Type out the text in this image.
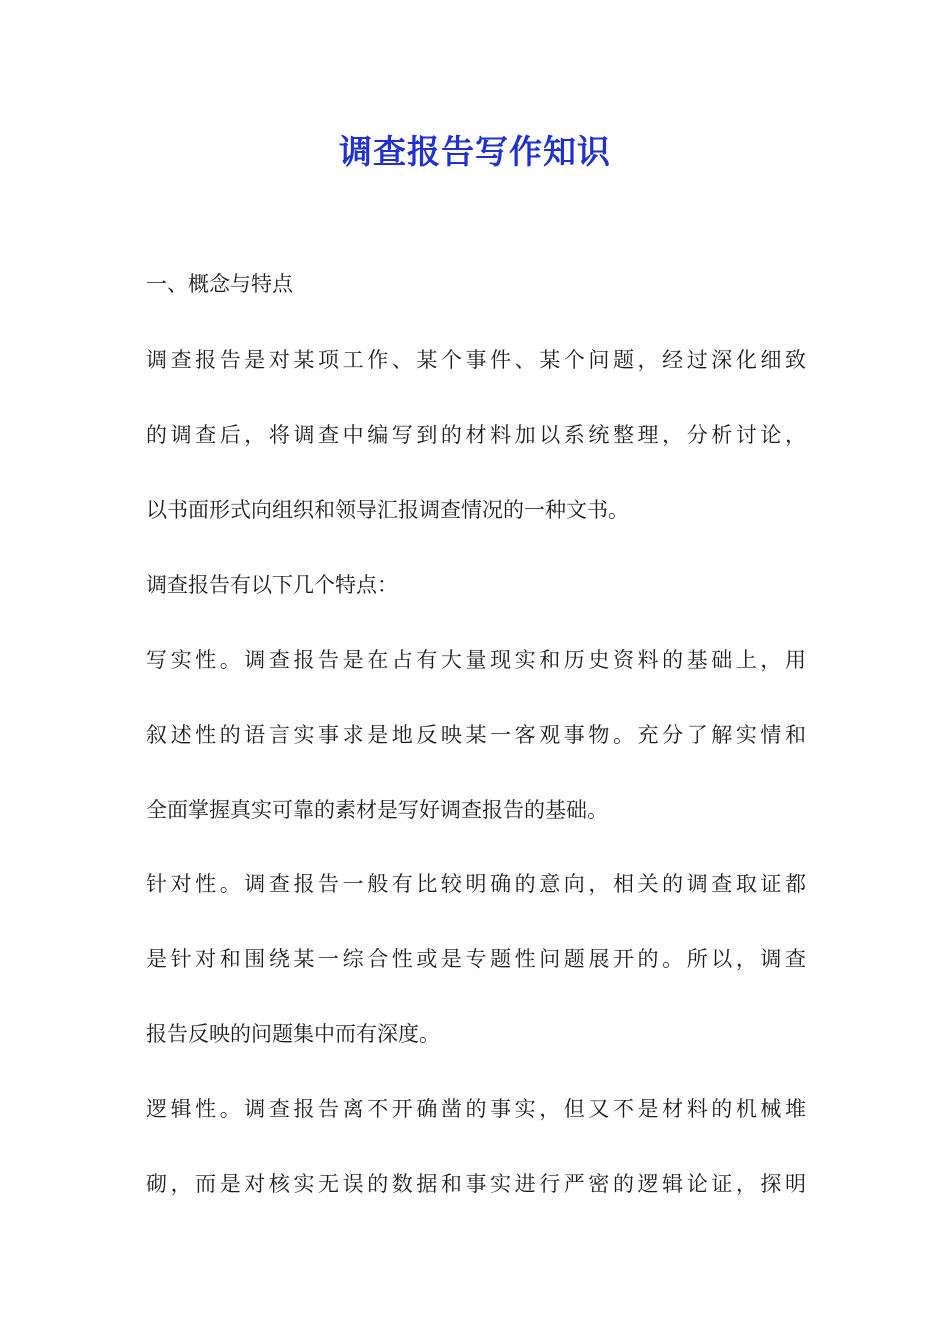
调查报告写作知识
一、概念与特点
调查报告是对某项工作、某个事件、某个问题，经过深化细致
的调查后，将调查中编写到的材料加以系统整理，分析讨论，
以书面形式向组织和领导汇报调查情况的一种文书。
调查报告有以下几个特点：
写实性。调查报告是在占有大量现实和历史资料的基础上，用
叙述性的语言实事求是地反映某一客观事物。充分了解实情和
全面掌握真实可靠的素材是写好调查报告的基础。
针对性。调查报告一般有比较明确的意向，相关的调查取证都
是针对和围绕某一综合性或是专题性问题展开的。所以，调查
报告反映的问题集中而有深度。
逻辑性。调查报告离不开确凿的事实，但又不是材料的机械堆
砌，而是对核实无误的数据和事实进行严密的逻辑论证，探明
